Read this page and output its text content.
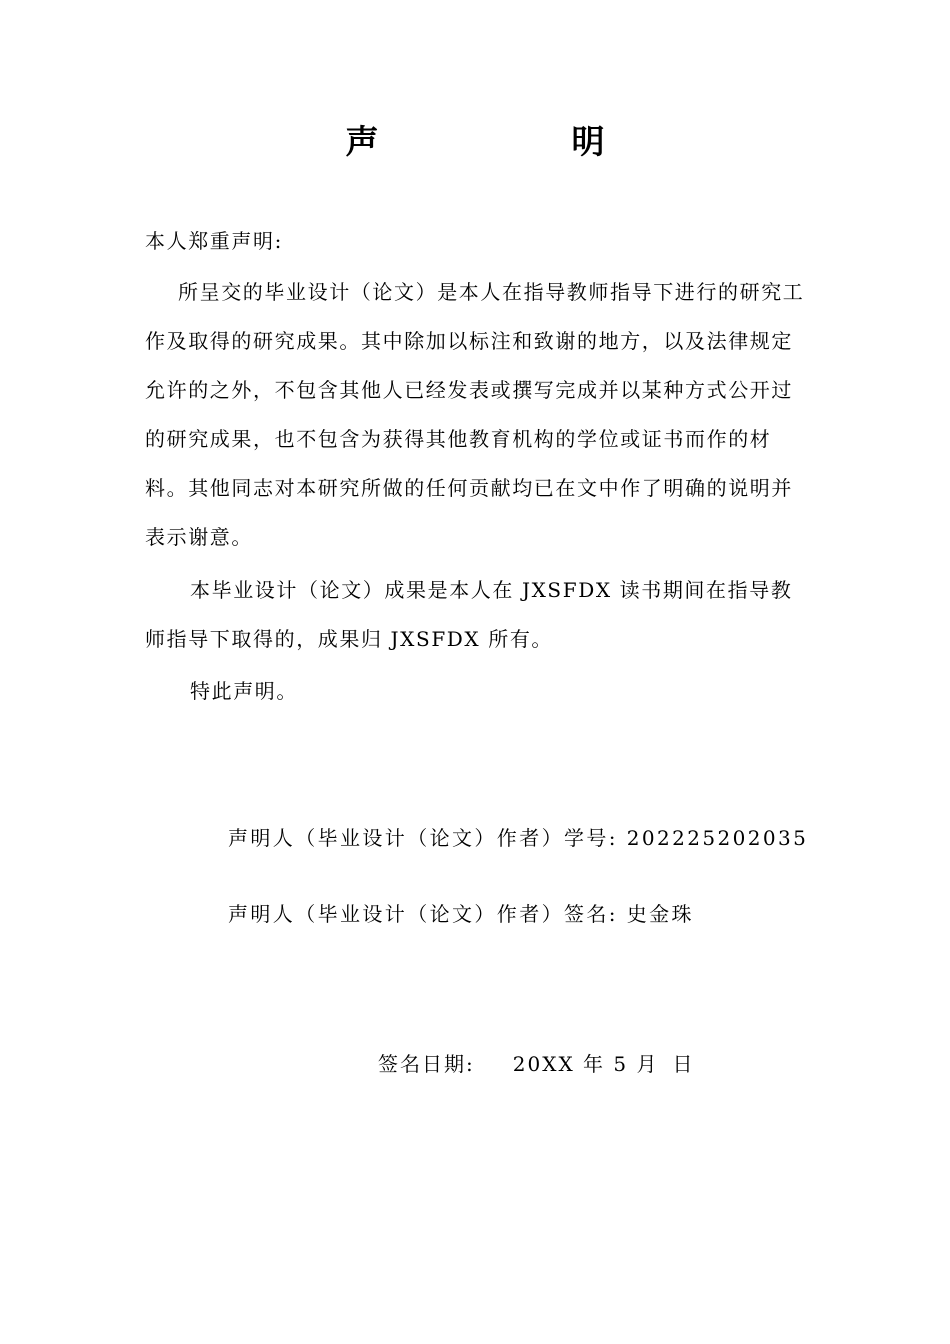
声　明
本人郑重声明:
所呈交的毕业设计（论文）是本人在指导教师指导下进行的研究工作及取得的研究成果。其中除加以标注和致谢的地方，以及法律规定允许的之外，不包含其他人已经发表或撰写完成并以某种方式公开过的研究成果，也不包含为获得其他教育机构的学位或证书而作的材料。其他同志对本研究所做的任何贡献均已在文中作了明确的说明并表示谢意。
本毕业设计（论文）成果是本人在 JXSFDX 读书期间在指导教师指导下取得的，成果归 JXSFDX 所有。
特此声明。
声明人（毕业设计（论文）作者）学号: 202225202035
声明人（毕业设计（论文）作者）签名: 史金珠
签名日期: 20XX 年 5 月 日
